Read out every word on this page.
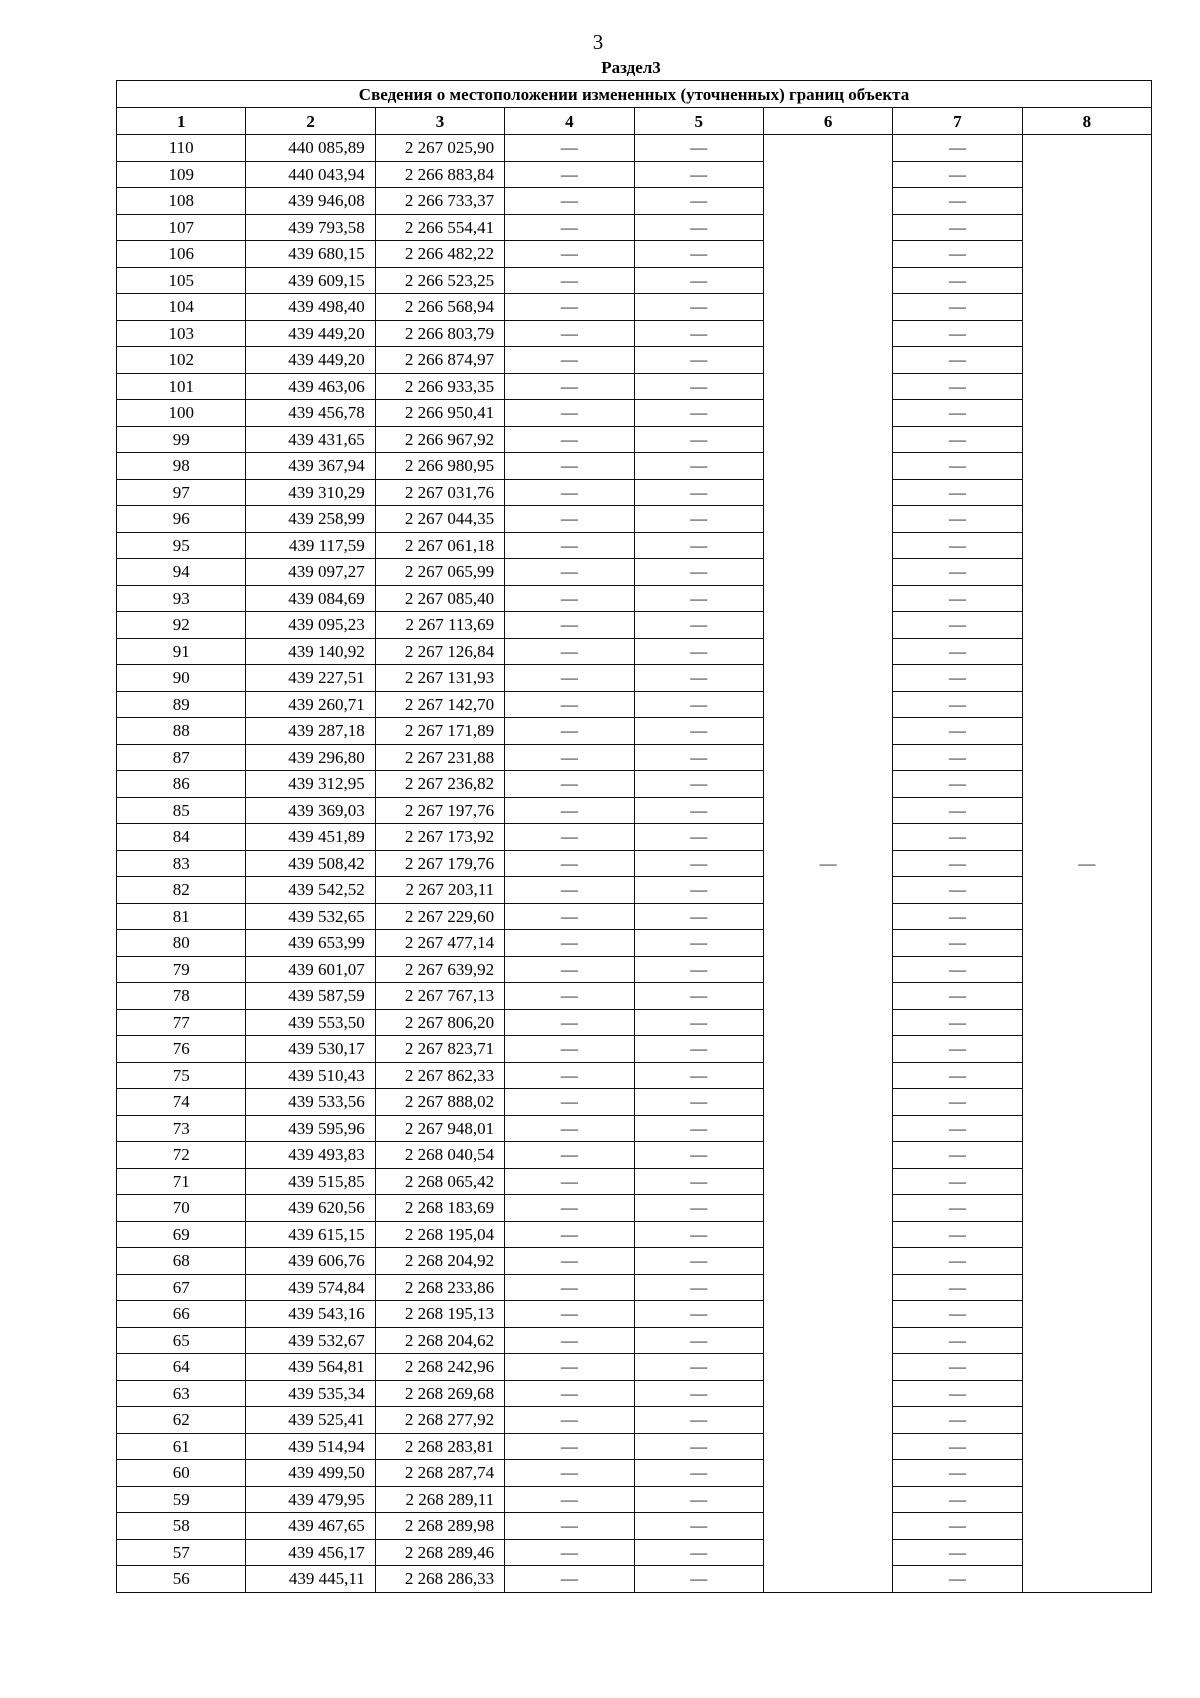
3
Раздел3
Сведения о местоположении измененных (уточненных) границ объекта							
1	2	3	4	5	6	7	8
110	440 085,89	2 267 025,90	—	—	—	—	—
109	440 043,94	2 266 883,84	—	—		—	
108	439 946,08	2 266 733,37	—	—		—	
107	439 793,58	2 266 554,41	—	—		—	
106	439 680,15	2 266 482,22	—	—		—	
105	439 609,15	2 266 523,25	—	—		—	
104	439 498,40	2 266 568,94	—	—		—	
103	439 449,20	2 266 803,79	—	—		—	
102	439 449,20	2 266 874,97	—	—		—	
101	439 463,06	2 266 933,35	—	—		—	
100	439 456,78	2 266 950,41	—	—		—	
99	439 431,65	2 266 967,92	—	—		—	
98	439 367,94	2 266 980,95	—	—		—	
97	439 310,29	2 267 031,76	—	—		—	
96	439 258,99	2 267 044,35	—	—		—	
95	439 117,59	2 267 061,18	—	—		—	
94	439 097,27	2 267 065,99	—	—		—	
93	439 084,69	2 267 085,40	—	—		—	
92	439 095,23	2 267 113,69	—	—		—	
91	439 140,92	2 267 126,84	—	—		—	
90	439 227,51	2 267 131,93	—	—		—	
89	439 260,71	2 267 142,70	—	—		—	
88	439 287,18	2 267 171,89	—	—		—	
87	439 296,80	2 267 231,88	—	—		—	
86	439 312,95	2 267 236,82	—	—		—	
85	439 369,03	2 267 197,76	—	—		—	
84	439 451,89	2 267 173,92	—	—		—	
83	439 508,42	2 267 179,76	—	—		—	
82	439 542,52	2 267 203,11	—	—		—	
81	439 532,65	2 267 229,60	—	—		—	
80	439 653,99	2 267 477,14	—	—		—	
79	439 601,07	2 267 639,92	—	—		—	
78	439 587,59	2 267 767,13	—	—		—	
77	439 553,50	2 267 806,20	—	—		—	
76	439 530,17	2 267 823,71	—	—		—	
75	439 510,43	2 267 862,33	—	—		—	
74	439 533,56	2 267 888,02	—	—		—	
73	439 595,96	2 267 948,01	—	—		—	
72	439 493,83	2 268 040,54	—	—		—	
71	439 515,85	2 268 065,42	—	—		—	
70	439 620,56	2 268 183,69	—	—		—	
69	439 615,15	2 268 195,04	—	—		—	
68	439 606,76	2 268 204,92	—	—		—	
67	439 574,84	2 268 233,86	—	—		—	
66	439 543,16	2 268 195,13	—	—		—	
65	439 532,67	2 268 204,62	—	—		—	
64	439 564,81	2 268 242,96	—	—		—	
63	439 535,34	2 268 269,68	—	—		—	
62	439 525,41	2 268 277,92	—	—		—	
61	439 514,94	2 268 283,81	—	—		—	
60	439 499,50	2 268 287,74	—	—		—	
59	439 479,95	2 268 289,11	—	—		—	
58	439 467,65	2 268 289,98	—	—		—	
57	439 456,17	2 268 289,46	—	—		—	
56	439 445,11	2 268 286,33	—	—		—	
